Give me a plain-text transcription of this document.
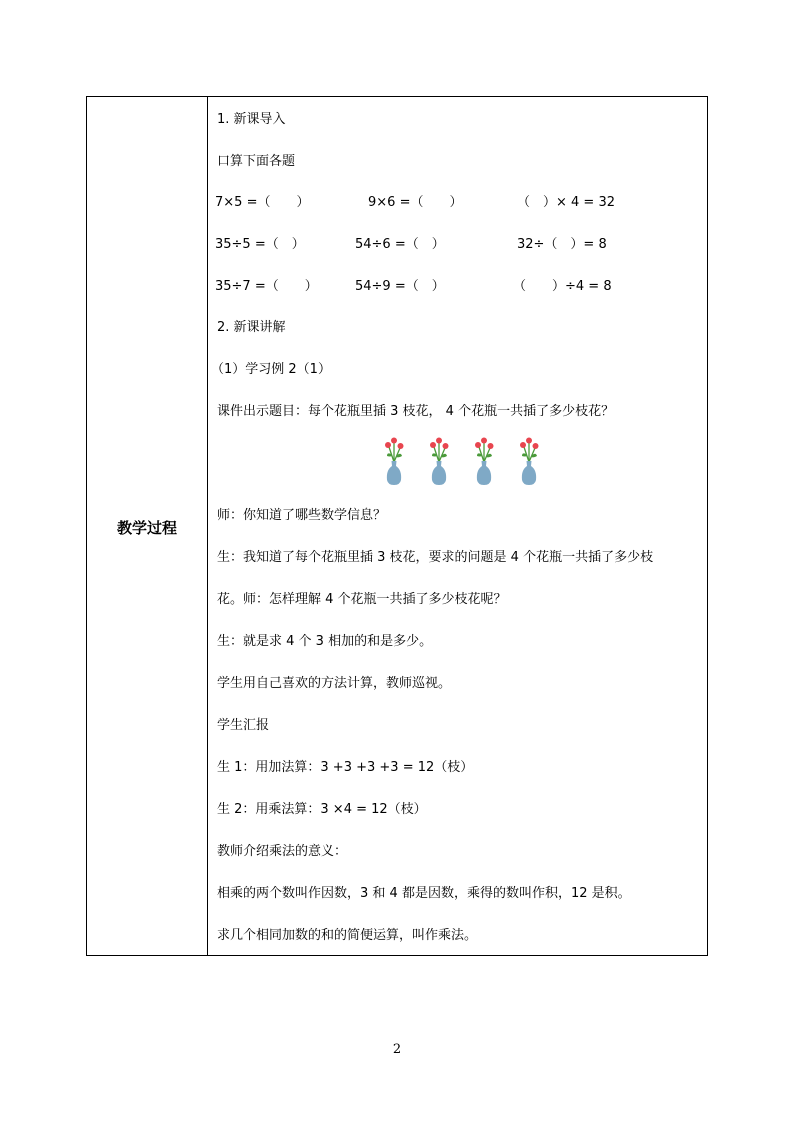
教学过程
1. 新课导入
口算下面各题
7×5 =（　　）	9×6 =（　　）	（　）× 4 = 32
35÷5 =（　）	54÷6 =（　）	32÷（　）= 8
35÷7 =（　　）	54÷9 =（　）	（　　）÷4 = 8
2. 新课讲解
（1）学习例 2（1）
课件出示题目：每个花瓶里插 3 枝花， 4 个花瓶一共插了多少枝花？
师：你知道了哪些数学信息？
生：我知道了每个花瓶里插 3 枝花，要求的问题是 4 个花瓶一共插了多少枝
花。师：怎样理解 4 个花瓶一共插了多少枝花呢？
生：就是求 4 个 3 相加的和是多少。
学生用自己喜欢的方法计算，教师巡视。
学生汇报
生 1：用加法算：3 +3 +3 +3 = 12（枝）
生 2：用乘法算：3 ×4 = 12（枝）
教师介绍乘法的意义：
相乘的两个数叫作因数，3 和 4 都是因数，乘得的数叫作积，12 是积。
求几个相同加数的和的简便运算，叫作乘法。
2
